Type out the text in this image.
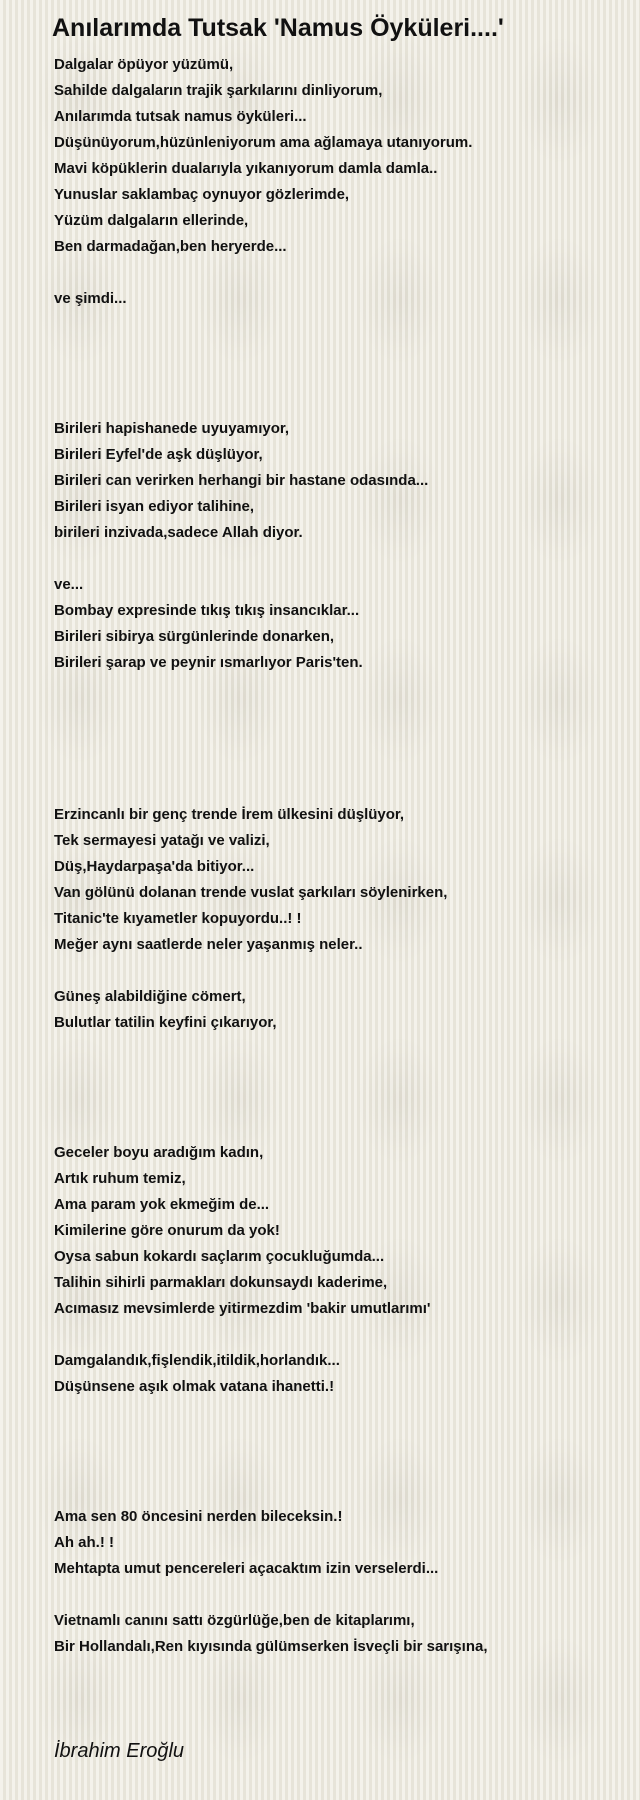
Anılarımda Tutsak 'Namus Öyküleri....'
Dalgalar öpüyor yüzümü,
Sahilde dalgaların trajik şarkılarını dinliyorum,
Anılarımda tutsak namus öyküleri...
Düşünüyorum,hüzünleniyorum ama ağlamaya utanıyorum.
Mavi köpüklerin dualarıyla yıkanıyorum damla damla..
Yunuslar saklambaç oynuyor gözlerimde,
Yüzüm dalgaların ellerinde,
Ben darmadağan,ben heryerde...
ve şimdi...
Birileri hapishanede uyuyamıyor,
Birileri Eyfel'de aşk düşlüyor,
Birileri can verirken herhangi bir hastane odasında...
Birileri isyan ediyor talihine,
birileri inzivada,sadece Allah diyor.
ve...
Bombay expresinde tıkış tıkış insancıklar...
Birileri sibirya sürgünlerinde donarken,
Birileri şarap ve peynir ısmarlıyor Paris'ten.
Erzincanlı bir genç trende İrem ülkesini düşlüyor,
Tek sermayesi yatağı ve valizi,
Düş,Haydarpaşa'da bitiyor...
Van gölünü dolanan trende vuslat şarkıları söylenirken,
Titanic'te kıyametler kopuyordu..! !
Meğer aynı saatlerde neler yaşanmış neler..
Güneş alabildiğine cömert,
Bulutlar tatilin keyfini çıkarıyor,
Geceler boyu aradığım kadın,
Artık ruhum temiz,
Ama param yok ekmeğim de...
Kimilerine göre onurum da yok!
Oysa sabun kokardı saçlarım çocukluğumda...
Talihin sihirli parmakları dokunsaydı kaderime,
Acımasız mevsimlerde yitirmezdim 'bakir umutlarımı'
Damgalandık,fişlendik,itildik,horlandık...
Düşünsene aşık olmak vatana ihanetti.!
Ama sen 80 öncesini nerden bileceksin.!
Ah ah.! !
Mehtapta umut pencereleri açacaktım izin verselerdi...
Vietnamlı canını sattı özgürlüğe,ben de kitaplarımı,
Bir Hollandalı,Ren kıyısında gülümserken İsveçli bir sarışına,
İbrahim Eroğlu
